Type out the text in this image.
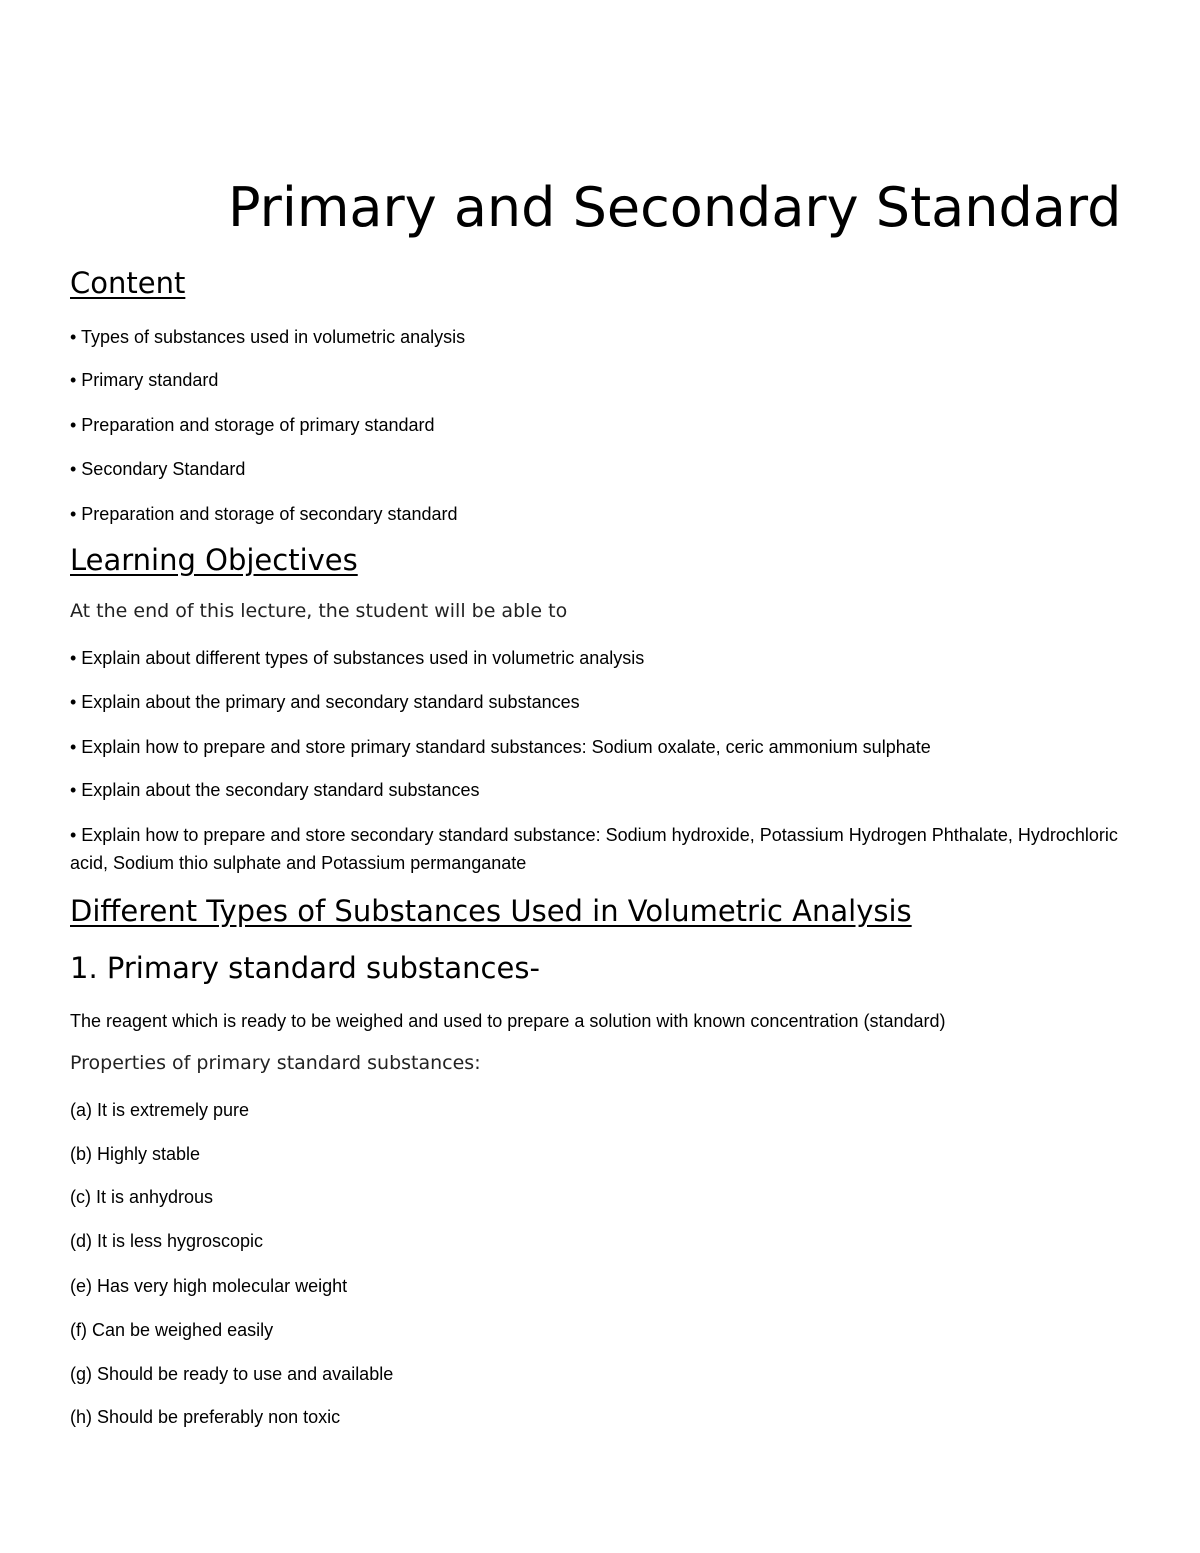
Primary and Secondary Standard
Content

• Types of substances used in volumetric analysis

• Primary standard

• Preparation and storage of primary standard

• Secondary Standard

• Preparation and storage of secondary standard

Learning Objectives

At the end of this lecture, the student will be able to

• Explain about different types of substances used in volumetric analysis

• Explain about the primary and secondary standard substances

• Explain how to prepare and store primary standard substances: Sodium oxalate, ceric ammonium sulphate

• Explain about the secondary standard substances

• Explain how to prepare and store secondary standard substance: Sodium hydroxide, Potassium Hydrogen Phthalate, Hydrochloric acid, Sodium thio sulphate and Potassium permanganate

Different Types of Substances Used in Volumetric Analysis
1. Primary standard substances-

The reagent which is ready to be weighed and used to prepare a solution with known concentration (standard)

Properties of primary standard substances:

(a) It is extremely pure

(b) Highly stable

(c) It is anhydrous

(d) It is less hygroscopic

(e) Has very high molecular weight

(f) Can be weighed easily

(g) Should be ready to use and available

(h) Should be preferably non toxic
